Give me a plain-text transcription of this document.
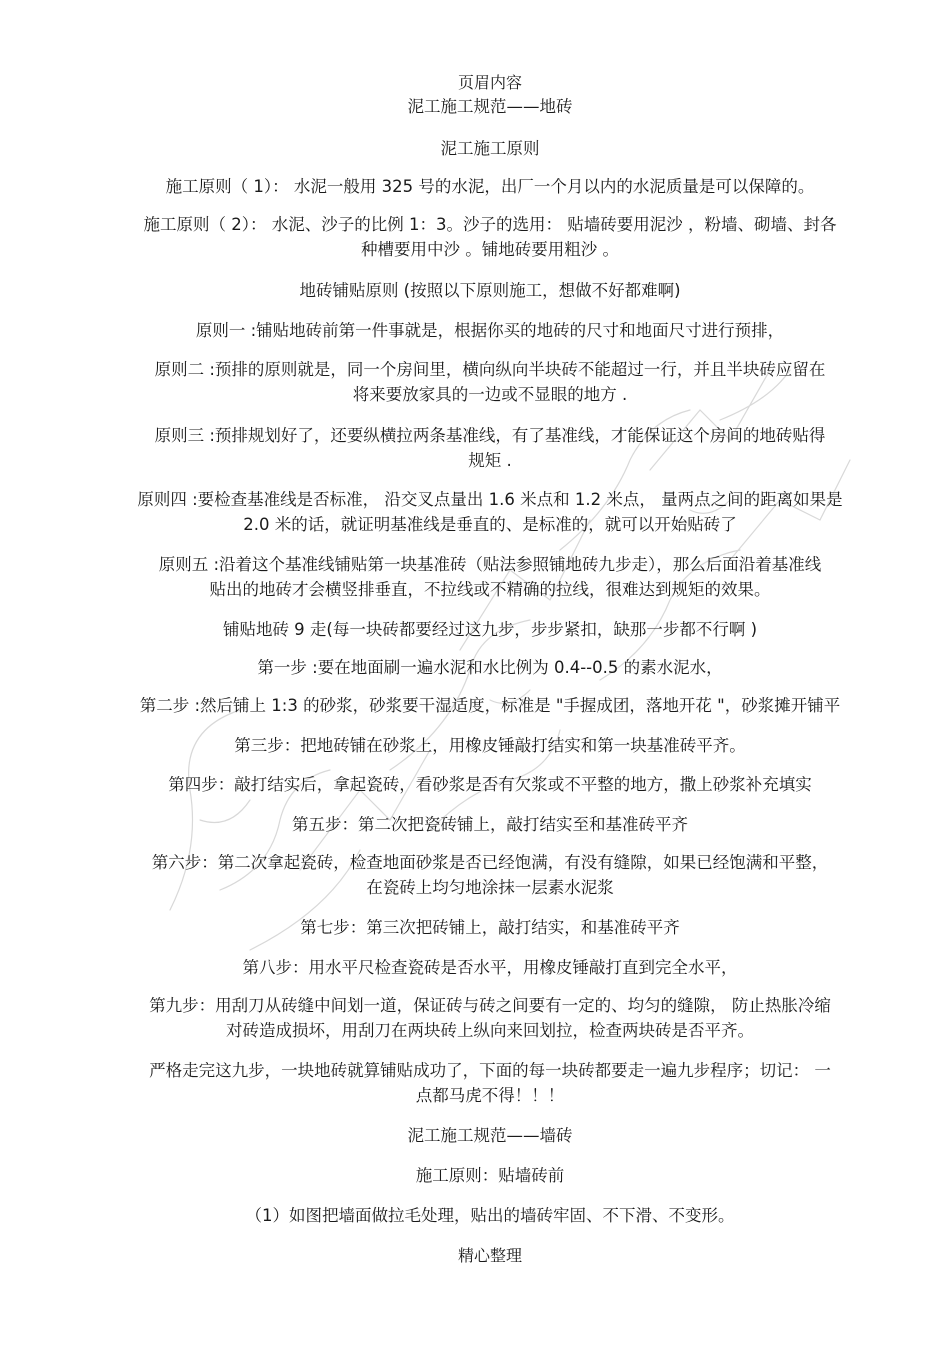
页眉内容
泥工施工规范——地砖
泥工施工原则
施工原则（ 1）： 水泥一般用 325 号的水泥，出厂一个月以内的水泥质量是可以保障的。
施工原则（ 2）： 水泥、沙子的比例 1：3。沙子的选用： 贴墙砖要用泥沙 ，粉墙、砌墙、封各
种槽要用中沙 。铺地砖要用粗沙 。
地砖铺贴原则 (按照以下原则施工，想做不好都难啊)
原则一 :铺贴地砖前第一件事就是，根据你买的地砖的尺寸和地面尺寸进行预排，
原则二 :预排的原则就是，同一个房间里，横向纵向半块砖不能超过一行，并且半块砖应留在
将来要放家具的一边或不显眼的地方 .
原则三 :预排规划好了，还要纵横拉两条基准线，有了基准线，才能保证这个房间的地砖贴得
规矩 .
原则四 :要检查基准线是否标准， 沿交叉点量出 1.6 米点和 1.2 米点， 量两点之间的距离如果是
2.0 米的话，就证明基准线是垂直的、是标准的，就可以开始贴砖了
原则五 :沿着这个基准线铺贴第一块基准砖（贴法参照铺地砖九步走），那么后面沿着基准线
贴出的地砖才会横竖排垂直，不拉线或不精确的拉线，很难达到规矩的效果。
铺贴地砖 9 走(每一块砖都要经过这九步，步步紧扣，缺那一步都不行啊 )
第一步 :要在地面刷一遍水泥和水比例为 0.4--0.5 的素水泥水，
第二步 :然后铺上 1:3 的砂浆，砂浆要干湿适度，标准是 "手握成团，落地开花 "，砂浆摊开铺平
第三步：把地砖铺在砂浆上，用橡皮锤敲打结实和第一块基准砖平齐。
第四步：敲打结实后，拿起瓷砖，看砂浆是否有欠浆或不平整的地方，撒上砂浆补充填实
第五步：第二次把瓷砖铺上，敲打结实至和基准砖平齐
第六步：第二次拿起瓷砖，检查地面砂浆是否已经饱满，有没有缝隙，如果已经饱满和平整，
在瓷砖上均匀地涂抹一层素水泥浆
第七步：第三次把砖铺上，敲打结实，和基准砖平齐
第八步：用水平尺检查瓷砖是否水平，用橡皮锤敲打直到完全水平，
第九步：用刮刀从砖缝中间划一道，保证砖与砖之间要有一定的、均匀的缝隙， 防止热胀冷缩
对砖造成损坏，用刮刀在两块砖上纵向来回划拉，检查两块砖是否平齐。
严格走完这九步，一块地砖就算铺贴成功了，下面的每一块砖都要走一遍九步程序；切记： 一
点都马虎不得！！！
泥工施工规范——墙砖
施工原则：贴墙砖前
（1）如图把墙面做拉毛处理，贴出的墙砖牢固、不下滑、不变形。
精心整理
